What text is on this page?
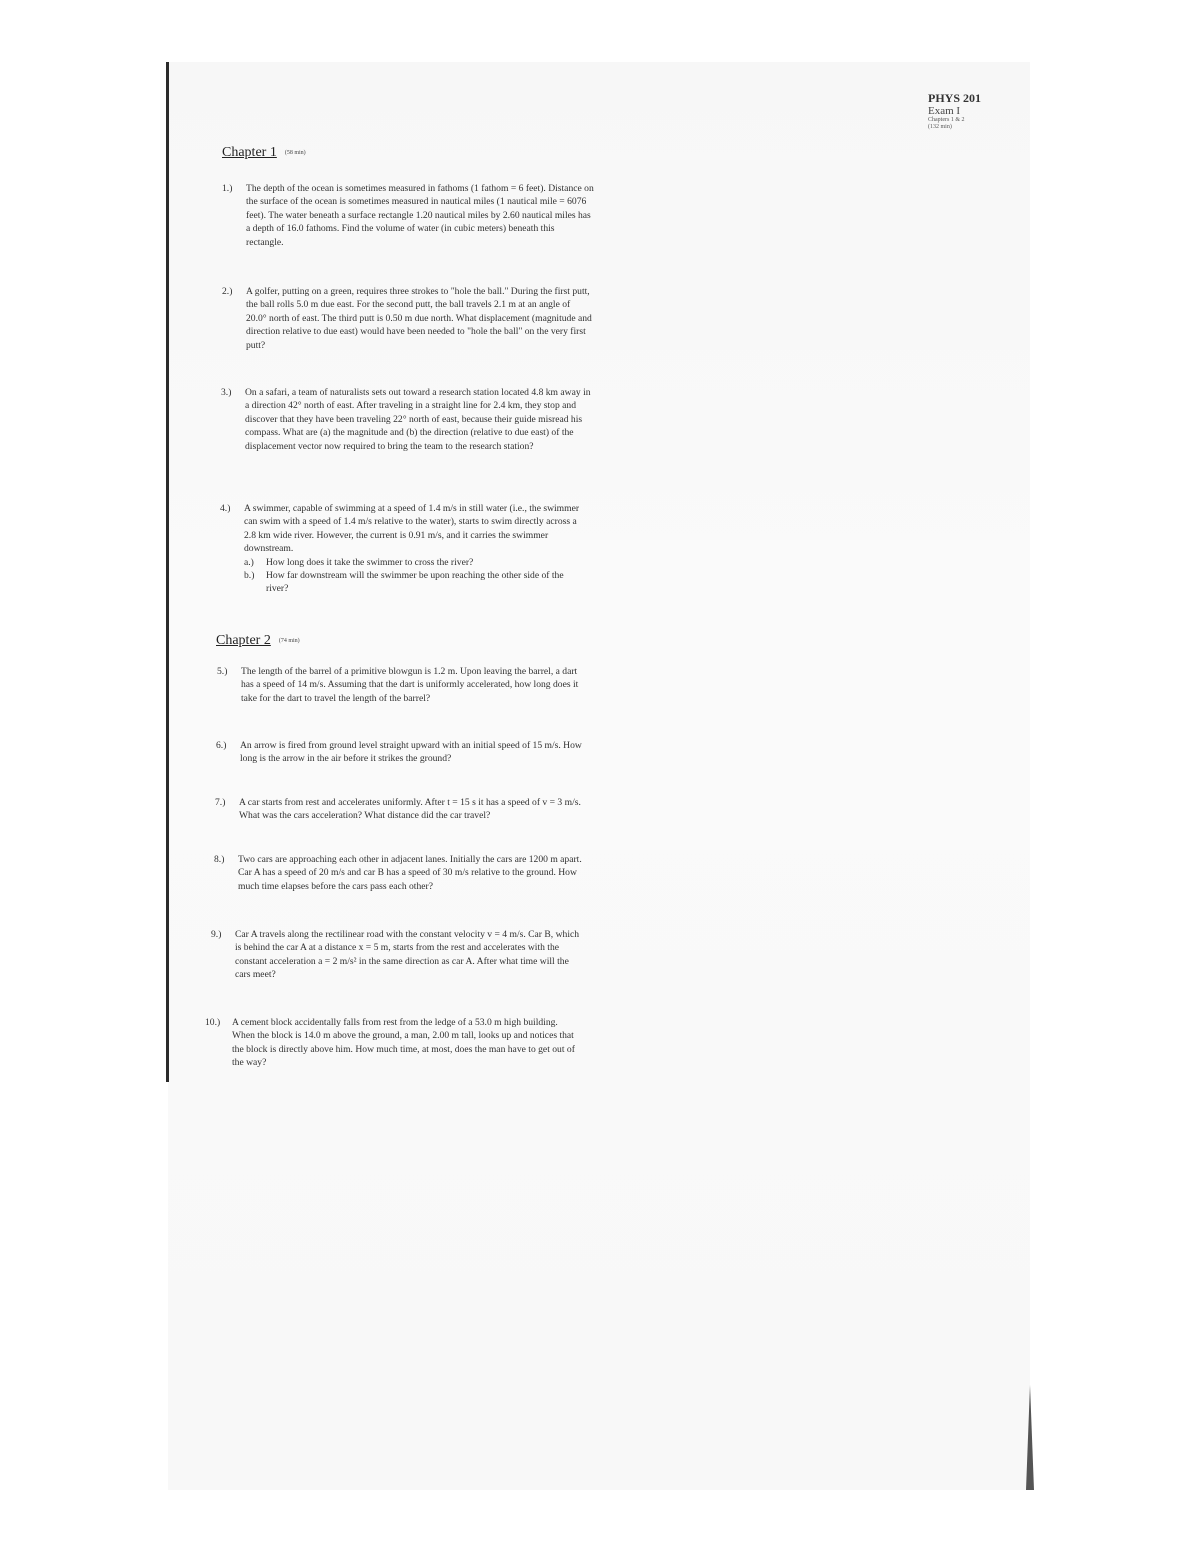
PHYS 201
Exam I
Chapters 1 & 2
(132 min)
Chapter 1 (58 min)
1.) The depth of the ocean is sometimes measured in fathoms (1 fathom = 6 feet). Distance on the surface of the ocean is sometimes measured in nautical miles (1 nautical mile = 6076 feet). The water beneath a surface rectangle 1.20 nautical miles by 2.60 nautical miles has a depth of 16.0 fathoms. Find the volume of water (in cubic meters) beneath this rectangle.
2.) A golfer, putting on a green, requires three strokes to "hole the ball." During the first putt, the ball rolls 5.0 m due east. For the second putt, the ball travels 2.1 m at an angle of 20.0° north of east. The third putt is 0.50 m due north. What displacement (magnitude and direction relative to due east) would have been needed to "hole the ball" on the very first putt?
3.) On a safari, a team of naturalists sets out toward a research station located 4.8 km away in a direction 42° north of east. After traveling in a straight line for 2.4 km, they stop and discover that they have been traveling 22° north of east, because their guide misread his compass. What are (a) the magnitude and (b) the direction (relative to due east) of the displacement vector now required to bring the team to the research station?
4.) A swimmer, capable of swimming at a speed of 1.4 m/s in still water (i.e., the swimmer can swim with a speed of 1.4 m/s relative to the water), starts to swim directly across a 2.8 km wide river. However, the current is 0.91 m/s, and it carries the swimmer downstream.
a.) How long does it take the swimmer to cross the river?
b.) How far downstream will the swimmer be upon reaching the other side of the river?
Chapter 2 (74 min)
5.) The length of the barrel of a primitive blowgun is 1.2 m. Upon leaving the barrel, a dart has a speed of 14 m/s. Assuming that the dart is uniformly accelerated, how long does it take for the dart to travel the length of the barrel?
6.) An arrow is fired from ground level straight upward with an initial speed of 15 m/s. How long is the arrow in the air before it strikes the ground?
7.) A car starts from rest and accelerates uniformly. After t = 15 s it has a speed of v = 3 m/s. What was the cars acceleration? What distance did the car travel?
8.) Two cars are approaching each other in adjacent lanes. Initially the cars are 1200 m apart. Car A has a speed of 20 m/s and car B has a speed of 30 m/s relative to the ground. How much time elapses before the cars pass each other?
9.) Car A travels along the rectilinear road with the constant velocity v = 4 m/s. Car B, which is behind the car A at a distance x = 5 m, starts from the rest and accelerates with the constant acceleration a = 2 m/s² in the same direction as car A. After what time will the cars meet?
10.) A cement block accidentally falls from rest from the ledge of a 53.0 m high building. When the block is 14.0 m above the ground, a man, 2.00 m tall, looks up and notices that the block is directly above him. How much time, at most, does the man have to get out of the way?
